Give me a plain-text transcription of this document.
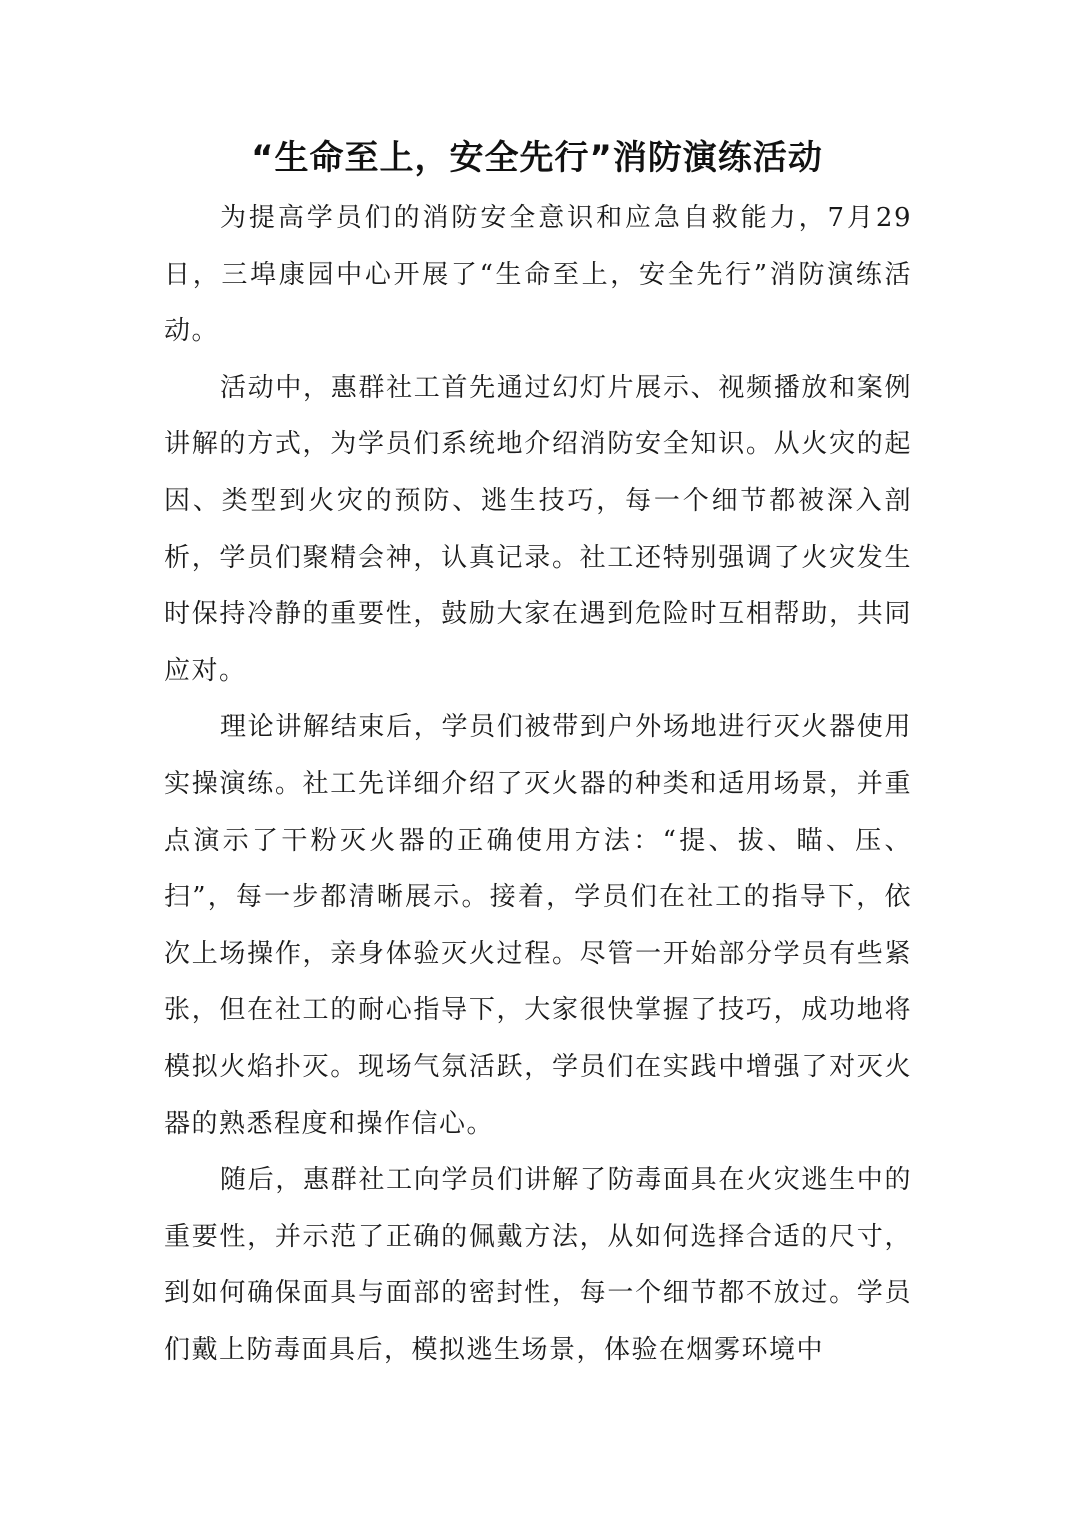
“生命至上，安全先行”消防演练活动

为提高学员们的消防安全意识和应急自救能力，7月29日，三埠康园中心开展了“生命至上，安全先行”消防演练活动。

活动中，惠群社工首先通过幻灯片展示、视频播放和案例讲解的方式，为学员们系统地介绍消防安全知识。从火灾的起因、类型到火灾的预防、逃生技巧，每一个细节都被深入剖析，学员们聚精会神，认真记录。社工还特别强调了火灾发生时保持冷静的重要性，鼓励大家在遇到危险时互相帮助，共同应对。

理论讲解结束后，学员们被带到户外场地进行灭火器使用实操演练。社工先详细介绍了灭火器的种类和适用场景，并重点演示了干粉灭火器的正确使用方法：“提、拔、瞄、压、扫”，每一步都清晰展示。接着，学员们在社工的指导下，依次上场操作，亲身体验灭火过程。尽管一开始部分学员有些紧张，但在社工的耐心指导下，大家很快掌握了技巧，成功地将模拟火焰扑灭。现场气氛活跃，学员们在实践中增强了对灭火器的熟悉程度和操作信心。

随后，惠群社工向学员们讲解了防毒面具在火灾逃生中的重要性，并示范了正确的佩戴方法，从如何选择合适的尺寸，到如何确保面具与面部的密封性，每一个细节都不放过。学员们戴上防毒面具后，模拟逃生场景，体验在烟雾环境中
